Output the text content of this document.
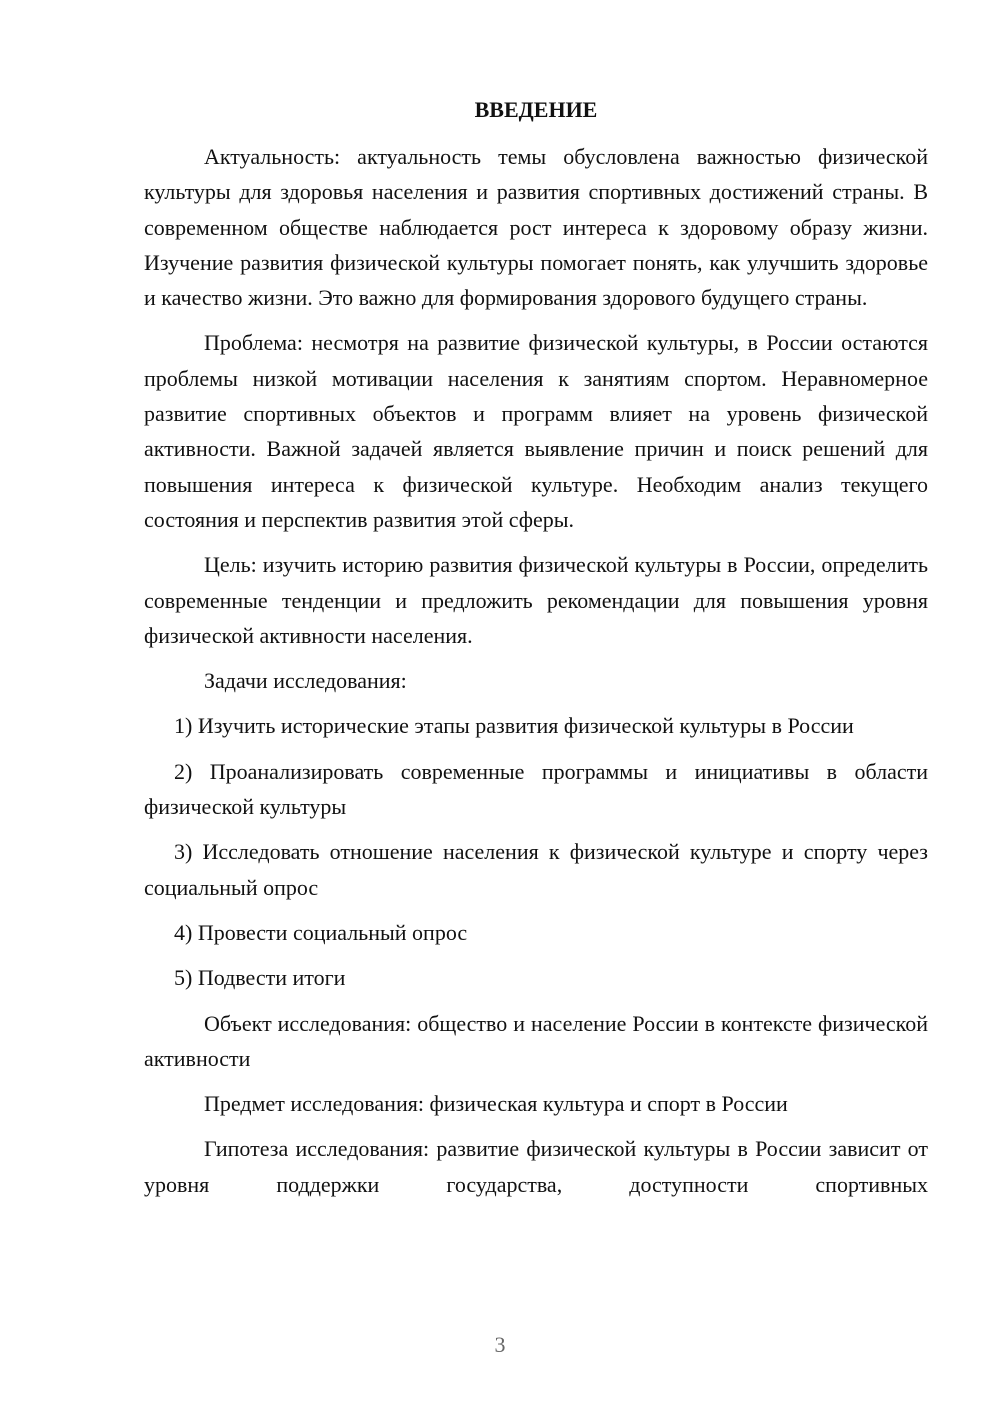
ВВЕДЕНИЕ

Актуальность: актуальность темы обусловлена важностью физической культуры для здоровья населения и развития спортивных достижений страны. В современном обществе наблюдается рост интереса к здоровому образу жизни. Изучение развития физической культуры помогает понять, как улучшить здоровье и качество жизни. Это важно для формирования здорового будущего страны.

Проблема: несмотря на развитие физической культуры, в России остаются проблемы низкой мотивации населения к занятиям спортом. Неравномерное развитие спортивных объектов и программ влияет на уровень физической активности. Важной задачей является выявление причин и поиск решений для повышения интереса к физической культуре. Необходим анализ текущего состояния и перспектив развития этой сферы.

Цель: изучить историю развития физической культуры в России, определить современные тенденции и предложить рекомендации для повышения уровня физической активности населения.

Задачи исследования:

1) Изучить исторические этапы развития физической культуры в России

2) Проанализировать современные программы и инициативы в области физической культуры

3) Исследовать отношение населения к физической культуре и спорту через социальный опрос

4) Провести социальный опрос

5) Подвести итоги

Объект исследования: общество и население России в контексте физической активности

Предмет исследования: физическая культура и спорт в России

Гипотеза исследования: развитие физической культуры в России зависит от уровня поддержки государства, доступности спортивных

3
